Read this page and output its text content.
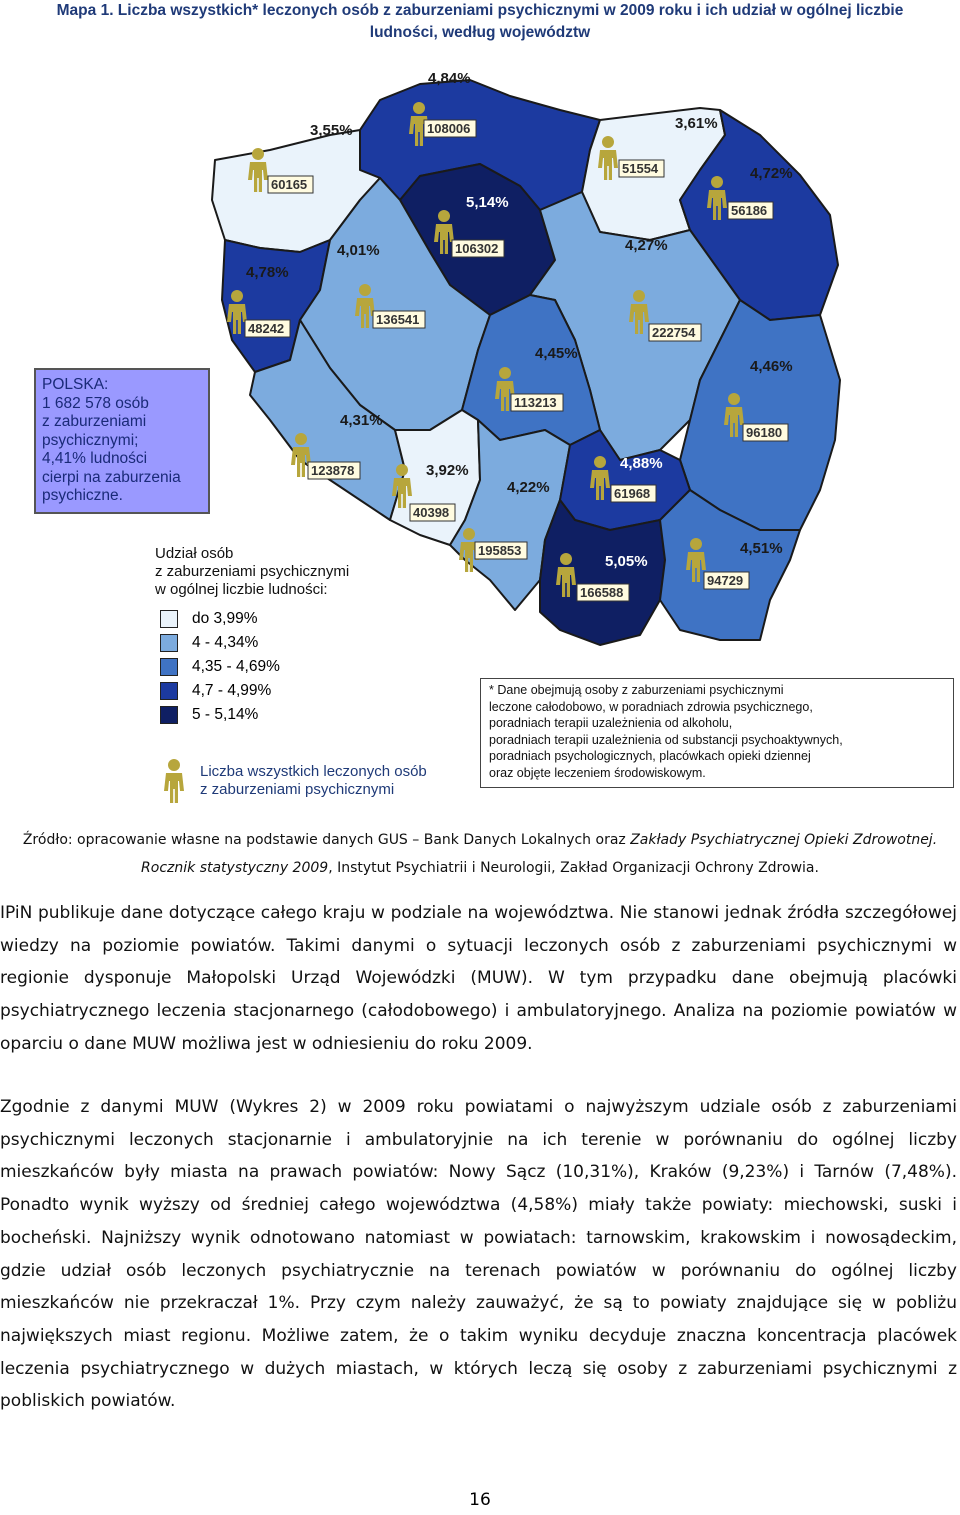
Mapa 1. Liczba wszystkich* leczonych osób z zaburzeniami psychicznymi w 2009 roku i ich udział w ogólnej liczbie
ludności, według województw
4,84%
3,55%	3,61%
4,72%
5,14%
4,78%
4,01%	4,27%
4,45%
4,46%
4,31%
3,92%
4,22%
4,88%
5,05%
4,51%
108006
60165
51554
56186
106302
48242
136541
222754
113213
96180
123878
40398
195853
61968
166588
94729
POLSKA:
1 682 578 osób
z zaburzeniami
psychicznymi;
4,41% ludności
cierpi na zaburzenia
psychiczne.
Udział osób
z zaburzeniami psychicznymi
w ogólnej liczbie ludności:
do 3,99%
4 - 4,34%
4,35 - 4,69%
4,7 - 4,99%
5 - 5,14%
Liczba wszystkich leczonych osób
z zaburzeniami psychicznymi
* Dane obejmują osoby z zaburzeniami psychicznymi
leczone całodobowo, w poradniach zdrowia psychicznego,
poradniach terapii uzależnienia od alkoholu,
poradniach terapii uzależnienia od substancji psychoaktywnych,
poradniach psychologicznych, placówkach opieki dziennej
oraz objęte leczeniem środowiskowym.
Źródło: opracowanie własne na podstawie danych GUS – Bank Danych Lokalnych oraz Zakłady Psychiatrycznej Opieki Zdrowotnej. Rocznik statystyczny 2009, Instytut Psychiatrii i Neurologii, Zakład Organizacji Ochrony Zdrowia.
IPiN publikuje dane dotyczące całego kraju w podziale na województwa. Nie stanowi jednak źródła szczegółowej wiedzy na poziomie powiatów. Takimi danymi o sytuacji leczonych osób z zaburzeniami psychicznymi w regionie dysponuje Małopolski Urząd Wojewódzki (MUW). W tym przypadku dane obejmują placówki psychiatrycznego leczenia stacjonarnego (całodobowego) i ambulatoryjnego. Analiza na poziomie powiatów w oparciu o dane MUW możliwa jest w odniesieniu do roku 2009.
Zgodnie z danymi MUW (Wykres 2) w 2009 roku powiatami o najwyższym udziale osób z zaburzeniami psychicznymi leczonych stacjonarnie i ambulatoryjnie na ich terenie w porównaniu do ogólnej liczby mieszkańców były miasta na prawach powiatów: Nowy Sącz (10,31%), Kraków (9,23%) i Tarnów (7,48%). Ponadto wynik wyższy od średniej całego województwa (4,58%) miały także powiaty: miechowski, suski i bocheński. Najniższy wynik odnotowano natomiast w powiatach: tarnowskim, krakowskim i nowosądeckim, gdzie udział osób leczonych psychiatrycznie na terenach powiatów w porównaniu do ogólnej liczby mieszkańców nie przekraczał 1%. Przy czym należy zauważyć, że są to powiaty znajdujące się w pobliżu największych miast regionu. Możliwe zatem, że o takim wyniku decyduje znaczna koncentracja placówek leczenia psychiatrycznego w dużych miastach, w których leczą się osoby z zaburzeniami psychicznymi z pobliskich powiatów.
16
